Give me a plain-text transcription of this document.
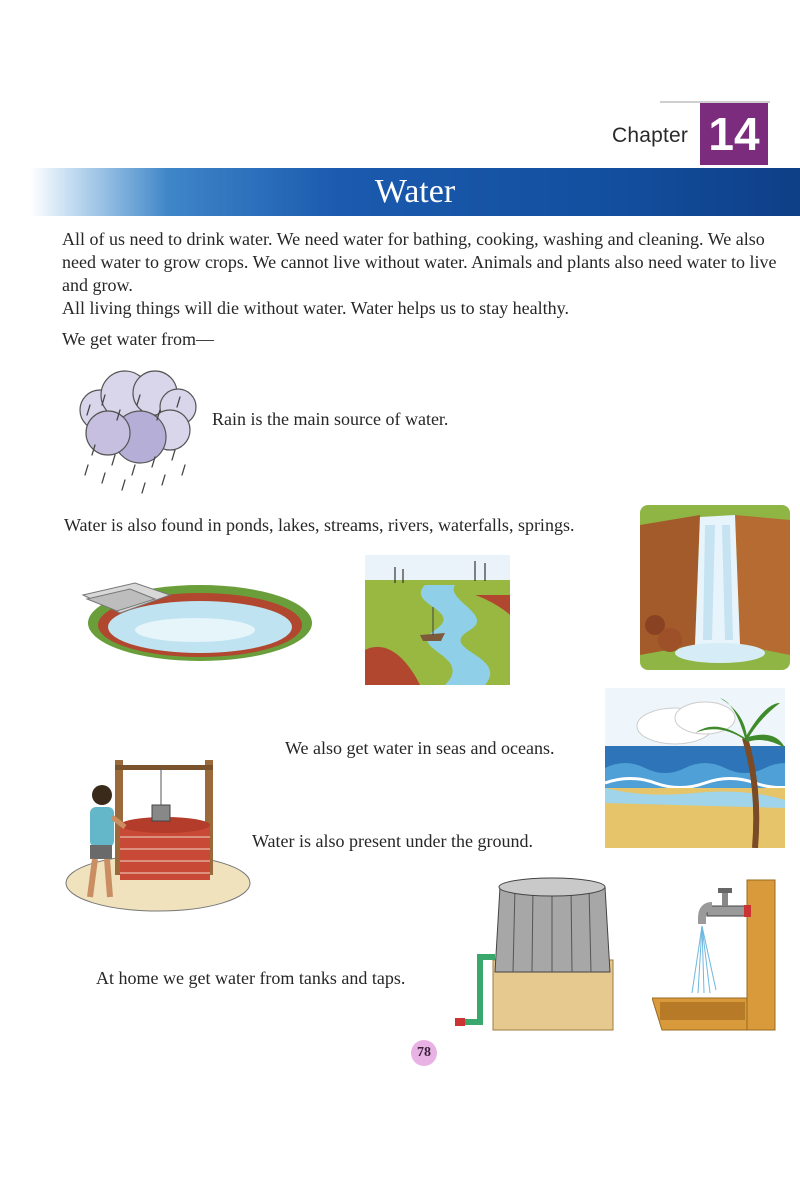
Chapter 14
Water

All of us need to drink water. We need water for bathing, cooking, washing and cleaning. We also need water to grow crops. We cannot live without water. Animals and plants also need water to live and grow.

All living things will die without water. Water helps us to stay healthy.

We get water from—

Rain is the main source of water.
Water is also found in ponds, lakes, streams, rivers, waterfalls, springs.
We also get water in seas and oceans.
Water is also present under the ground.
At home we get water from tanks and taps.
78
